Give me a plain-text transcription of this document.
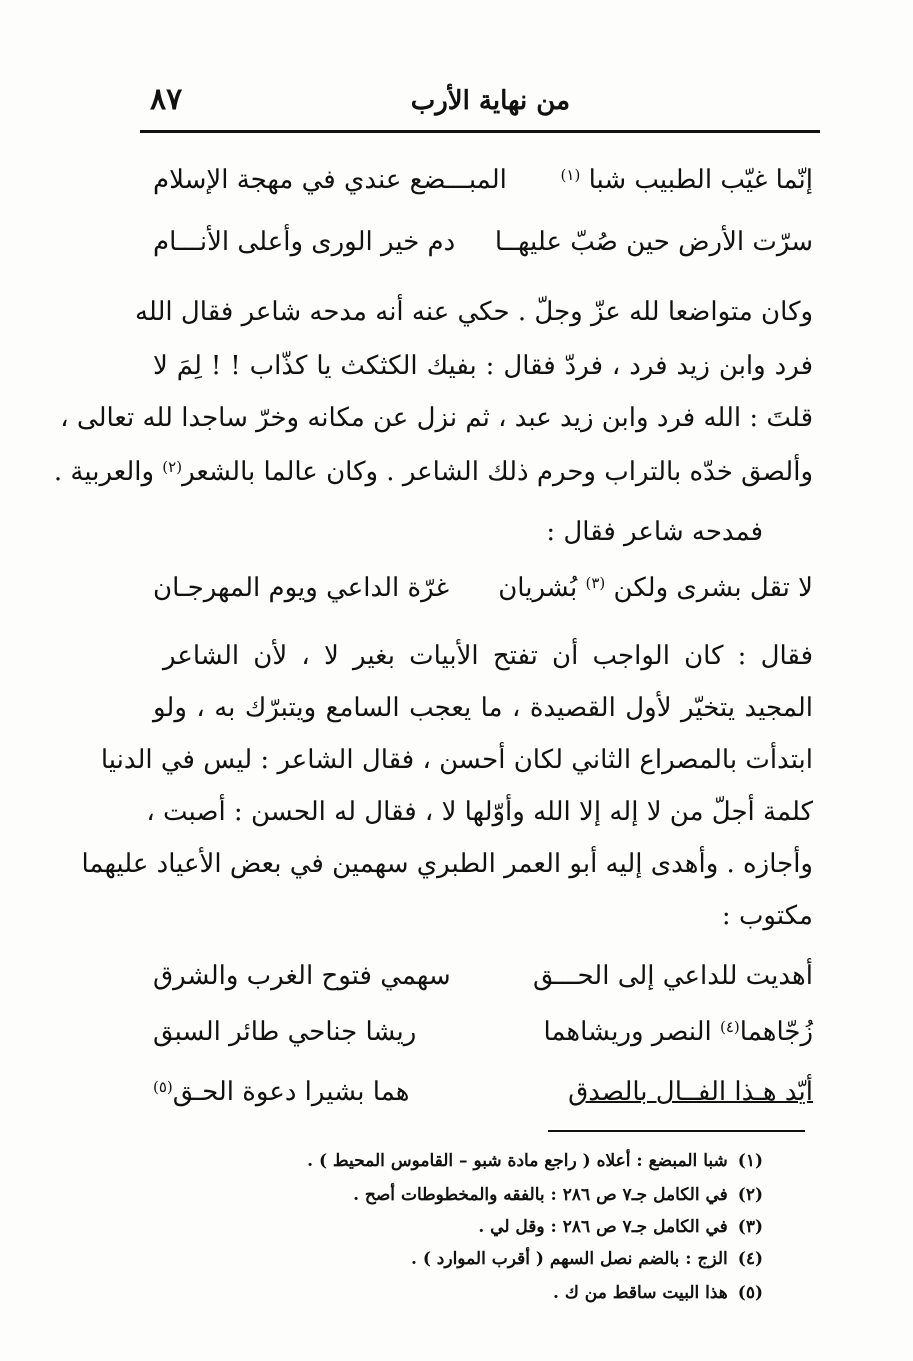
من نهاية الأرب
٨٧
إنّما غيّب الطبيب شبا $^{(١)}$
المبـــضع عندي في مهجة الإسلام
سرّت الأرض حين صُبّ عليهــا
دم خير الورى وأعلى الأنـــام
وكان متواضعا لله عزّ وجلّ . حكي عنه أنه مدحه شاعر فقال الله
فرد وابن زيد فرد ، فردّ فقال : بفيك الكثكث يا كذّاب ! ! لِمَ لا
قلتَ : الله فرد وابن زيد عبد ، ثم نزل عن مكانه وخرّ ساجدا لله تعالى ،
وألصق خدّه بالتراب وحرم ذلك الشاعر . وكان عالما بالشعر$^{(٢)}$ والعربية .
فمدحه شاعر فقال :
لا تقل بشرى ولكن $^{(٣)}$ بُشريان
غرّة الداعي ويوم المهرجـان
فقال : كان الواجب أن تفتح الأبيات بغير لا ، لأن الشاعر
المجيد يتخيّر لأول القصيدة ، ما يعجب السامع ويتبرّك به ، ولو
ابتدأت بالمصراع الثاني لكان أحسن ، فقال الشاعر : ليس في الدنيا
كلمة أجلّ من لا إله إلا الله وأوّلها لا ، فقال له الحسن : أصبت ،
وأجازه . وأهدى إليه أبو العمر الطبري سهمين في بعض الأعياد عليهما
مكتوب :
أهديت للداعي إلى الحـــق
سهمي فتوح الغرب والشرق
زُجّاهما$^{(٤)}$ النصر وريشاهما
ريشا جناحي طائر السبق
أيّد هـذا الفــال بالصدق
هما بشيرا دعوة الحـق$^{(٥)}$
(١)شبا المبضع : أعلاه ( راجع مادة شبو – القاموس المحيط ) .
(٢)في الكامل جـ٧ ص ٢٨٦ : بالفقه والمخطوطات أصح .
(٣)في الكامل جـ٧ ص ٢٨٦ : وقل لي .
(٤)الزج : بالضم نصل السهم ( أقرب الموارد ) .
(٥)هذا البيت ساقط من ك .
